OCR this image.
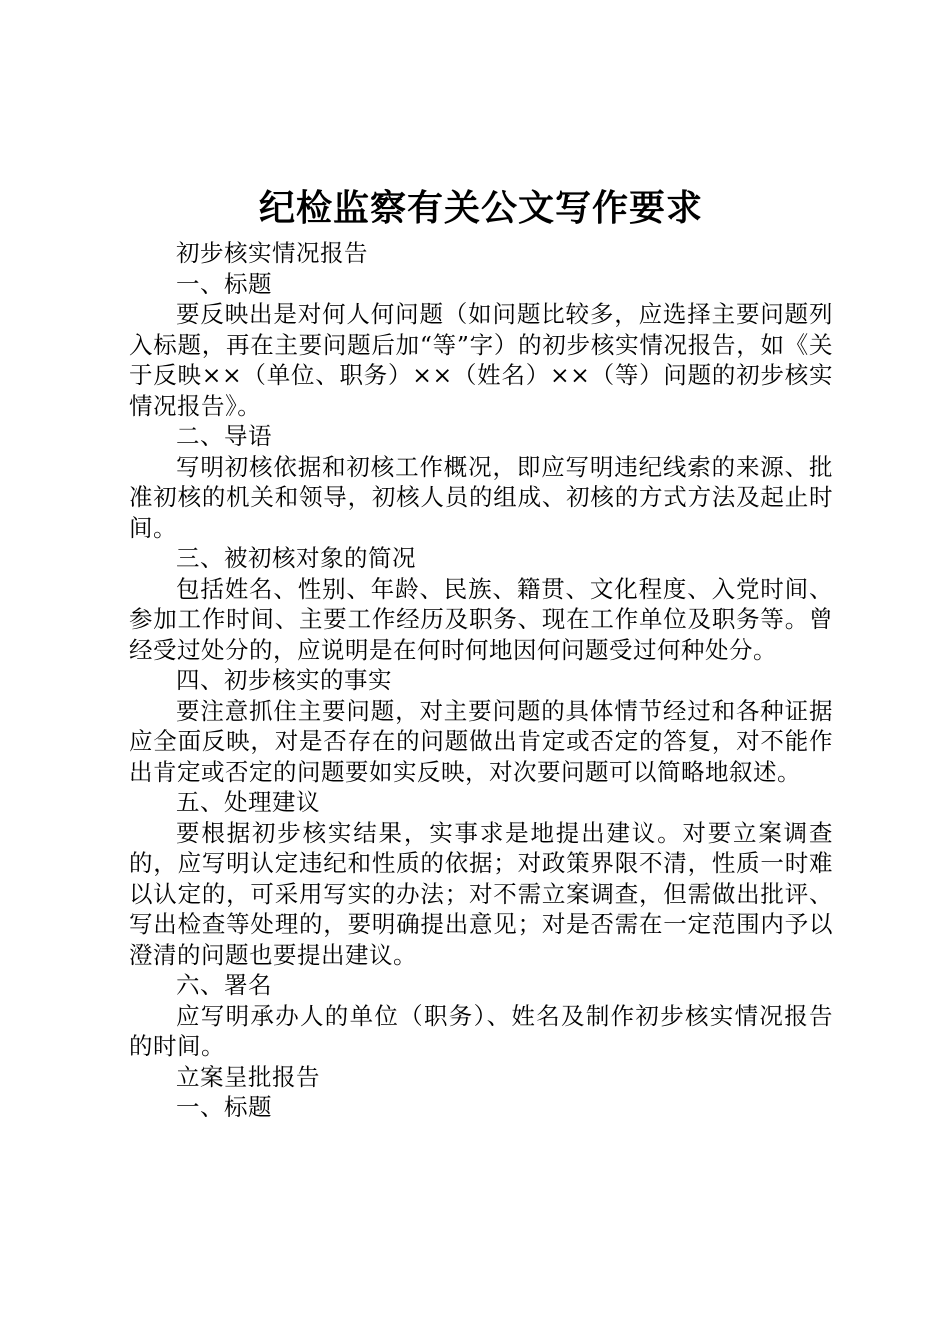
纪检监察有关公文写作要求

初步核实情况报告

一、标题

要反映出是对何人何问题（如问题比较多，应选择主要问题列入标题，再在主要问题后加“等”字）的初步核实情况报告，如《关于反映××（单位、职务）××（姓名）××（等）问题的初步核实情况报告》。

二、导语

写明初核依据和初核工作概况，即应写明违纪线索的来源、批准初核的机关和领导，初核人员的组成、初核的方式方法及起止时间。

三、被初核对象的简况

包括姓名、性别、年龄、民族、籍贯、文化程度、入党时间、参加工作时间、主要工作经历及职务、现在工作单位及职务等。曾经受过处分的，应说明是在何时何地因何问题受过何种处分。

四、初步核实的事实

要注意抓住主要问题，对主要问题的具体情节经过和各种证据应全面反映，对是否存在的问题做出肯定或否定的答复，对不能作出肯定或否定的问题要如实反映，对次要问题可以简略地叙述。

五、处理建议

要根据初步核实结果，实事求是地提出建议。对要立案调查的，应写明认定违纪和性质的依据；对政策界限不清，性质一时难以认定的，可采用写实的办法；对不需立案调查，但需做出批评、写出检查等处理的，要明确提出意见；对是否需在一定范围内予以澄清的问题也要提出建议。

六、署名

应写明承办人的单位（职务）、姓名及制作初步核实情况报告的时间。

立案呈批报告

一、标题
